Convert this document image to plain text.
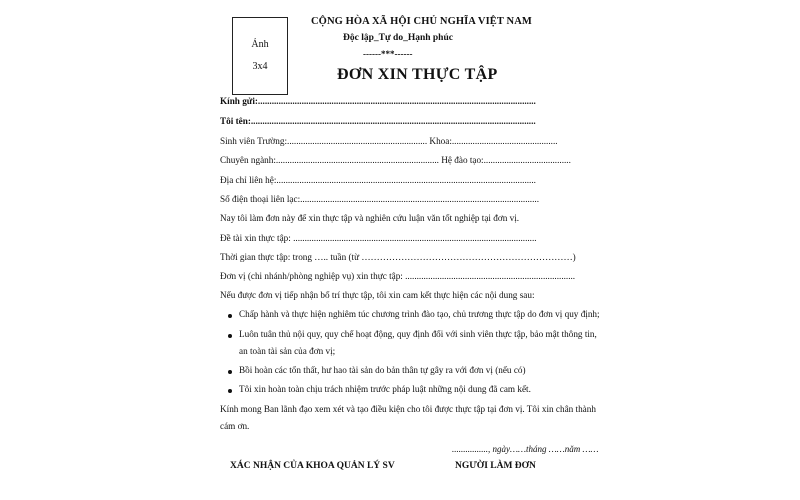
Ảnh
3x4
CỘNG HÒA XÃ HỘI CHỦ NGHĨA VIỆT NAM
Độc lập_Tự do_Hạnh phúc
------***------
ĐƠN XIN THỰC TẬP
Kính gửi:.........................................................................................................................
Tôi tên:............................................................................................................................
Sinh viên Trường:............................................................. Khoa:..............................................
Chuyên ngành:....................................................................... Hệ đào tạo:......................................
Địa chỉ liên hệ:.................................................................................................................
Số điện thoại liên lạc:........................................................................................................
Nay tôi làm đơn này để xin thực tập và nghiên cứu luận văn tốt nghiệp tại đơn vị.
Đề tài xin thực tập: ..........................................................................................................
Thời gian thực tập: trong ….. tuần (từ ……………………………………………………………)
Đơn vị (chi nhánh/phòng nghiệp vụ) xin thực tập: ..........................................................................
Nếu được đơn vị tiếp nhận bố trí thực tập, tôi xin cam kết thực hiện các nội dung sau:
Chấp hành và thực hiện nghiêm túc chương trình đào tạo, chủ trương thực tập do đơn vị quy định;
Luôn tuân thủ nội quy, quy chế hoạt động, quy định đối với sinh viên thực tập, bảo mật thông tin,
an toàn tài sản của đơn vị;
Bồi hoàn các tổn thất, hư hao tài sản do bản thân tự gây ra với đơn vị (nếu có)
Tôi xin hoàn toàn chịu trách nhiệm trước pháp luật những nội dung đã cam kết.
Kính mong Ban lãnh đạo xem xét và tạo điều kiện cho tôi được thực tập tại đơn vị. Tôi xin chân thành
cám ơn.
................, ngày……tháng ……năm ……
XÁC NHẬN CỦA KHOA QUẢN LÝ SV	NGƯỜI LÀM ĐƠN
